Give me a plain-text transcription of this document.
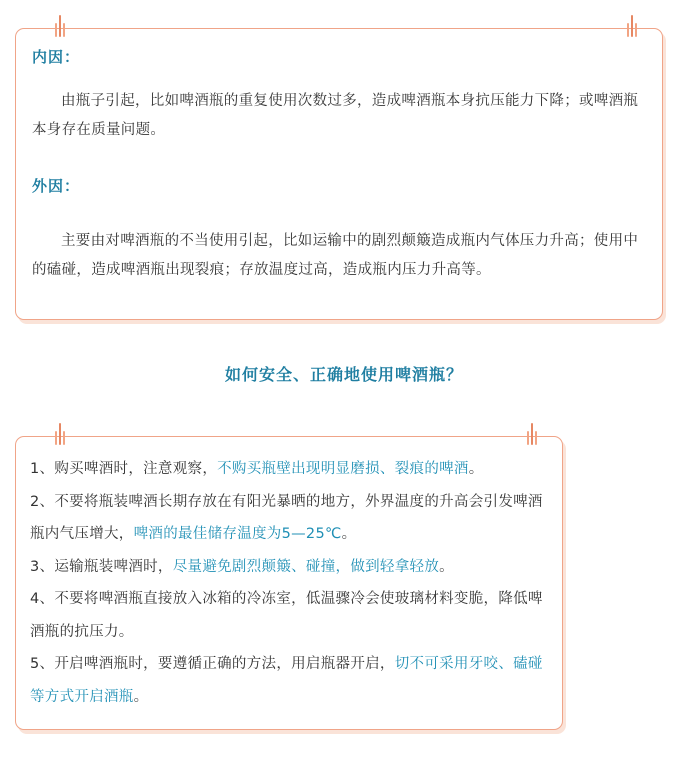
内因：

由瓶子引起，比如啤酒瓶的重复使用次数过多，造成啤酒瓶本身抗压能力下降；或啤酒瓶本身存在质量问题。

外因：

主要由对啤酒瓶的不当使用引起，比如运输中的剧烈颠簸造成瓶内气体压力升高；使用中的磕碰，造成啤酒瓶出现裂痕；存放温度过高，造成瓶内压力升高等。

如何安全、正确地使用啤酒瓶？
1、购买啤酒时，注意观察，不购买瓶壁出现明显磨损、裂痕的啤酒。
2、不要将瓶装啤酒长期存放在有阳光暴晒的地方，外界温度的升高会引发啤酒瓶内气压增大，啤酒的最佳储存温度为5—25℃。
3、运输瓶装啤酒时，尽量避免剧烈颠簸、碰撞，做到轻拿轻放。
4、不要将啤酒瓶直接放入冰箱的冷冻室，低温骤冷会使玻璃材料变脆，降低啤酒瓶的抗压力。
5、开启啤酒瓶时，要遵循正确的方法，用启瓶器开启，切不可采用牙咬、磕碰等方式开启酒瓶。
